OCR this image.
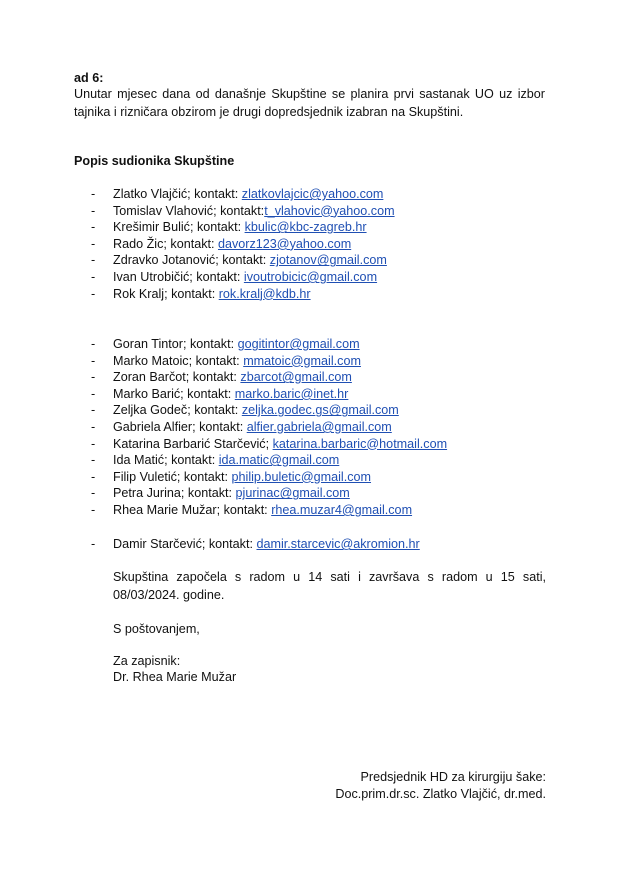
ad 6:
Unutar mjesec dana od današnje Skupštine se planira prvi sastanak UO uz izbor tajnika i rizničara obzirom je drugi dopredsjednik izabran na Skupštini.
Popis sudionika Skupštine
- Zlatko Vlajčić; kontakt: zlatkovlajcic@yahoo.com
- Tomislav Vlahović; kontakt:t_vlahovic@yahoo.com
- Krešimir Bulić; kontakt: kbulic@kbc-zagreb.hr
- Rado Žic; kontakt: davorz123@yahoo.com
- Zdravko Jotanović; kontakt: zjotanov@gmail.com
- Ivan Utrobičić; kontakt: ivoutrobicic@gmail.com
- Rok Kralj; kontakt: rok.kralj@kdb.hr
- Goran Tintor; kontakt: gogitintor@gmail.com
- Marko Matoic; kontakt: mmatoic@gmail.com
- Zoran Barčot; kontakt: zbarcot@gmail.com
- Marko Barić; kontakt: marko.baric@inet.hr
- Zeljka Godeč; kontakt: zeljka.godec.gs@gmail.com
- Gabriela Alfier; kontakt: alfier.gabriela@gmail.com
- Katarina Barbarić Starčević; katarina.barbaric@hotmail.com
- Ida Matić; kontakt: ida.matic@gmail.com
- Filip Vuletić; kontakt: philip.buletic@gmail.com
- Petra Jurina; kontakt: pjurinac@gmail.com
- Rhea Marie Mužar; kontakt: rhea.muzar4@gmail.com
- Damir Starčević; kontakt: damir.starcevic@akromion.hr
Skupština započela s radom u 14 sati i završava s radom u 15 sati, 08/03/2024. godine.
S poštovanjem,
Za zapisnik:
Dr. Rhea Marie Mužar
Predsjednik HD za kirurgiju šake:
Doc.prim.dr.sc. Zlatko Vlajčić, dr.med.
